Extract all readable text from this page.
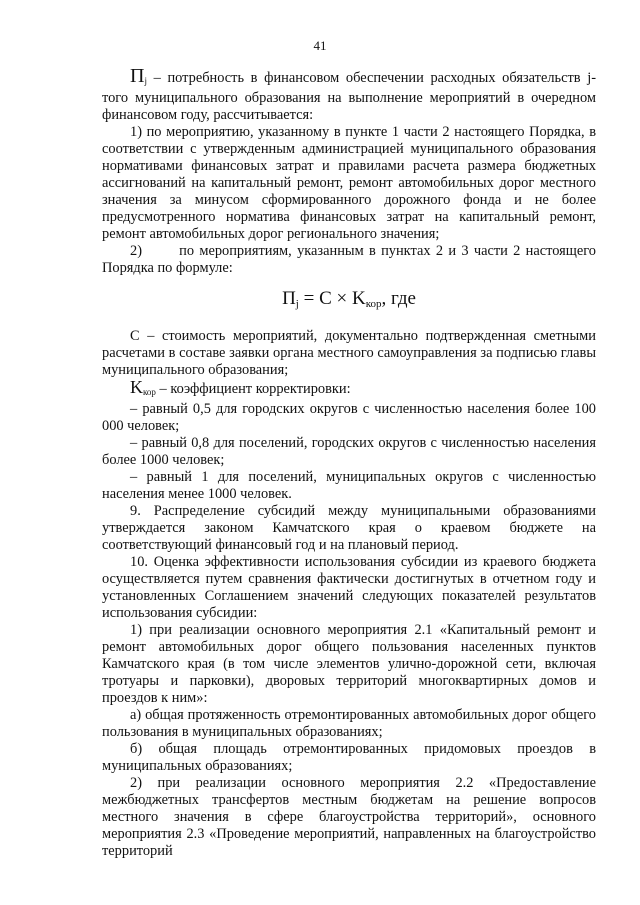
41

$П_j$ – потребность в финансовом обеспечении расходных обязательств j-того муниципального образования на выполнение мероприятий в очередном финансовом году, рассчитывается:

1) по мероприятию, указанному в пункте 1 части 2 настоящего Порядка, в соответствии с утвержденным администрацией муниципального образования нормативами финансовых затрат и правилами расчета размера бюджетных ассигнований на капитальный ремонт, ремонт автомобильных дорог местного значения за минусом сформированного дорожного фонда и не более предусмотренного норматива финансовых затрат на капитальный ремонт, ремонт автомобильных дорог регионального значения;

2)       по мероприятиям, указанным в пунктах 2 и 3 части 2 настоящего Порядка по формуле:

$П_j = C \times K_{кор}$, где

C – стоимость мероприятий, документально подтвержденная сметными расчетами в составе заявки органа местного самоуправления за подписью главы муниципального образования;

$K_{кор}$ – коэффициент корректировки:

– равный 0,5 для городских округов с численностью населения более 100 000 человек;

– равный 0,8 для поселений, городских округов с численностью населения более 1000 человек;

– равный 1 для поселений, муниципальных округов с численностью населения менее 1000 человек.

9. Распределение субсидий между муниципальными образованиями утверждается законом Камчатского края о краевом бюджете на соответствующий финансовый год и на плановый период.

10. Оценка эффективности использования субсидии из краевого бюджета осуществляется путем сравнения фактически достигнутых в отчетном году и установленных Соглашением значений следующих показателей результатов использования субсидии:

1) при реализации основного мероприятия 2.1 «Капитальный ремонт и ремонт автомобильных дорог общего пользования населенных пунктов Камчатского края (в том числе элементов улично-дорожной сети, включая тротуары и парковки), дворовых территорий многоквартирных домов и проездов к ним»:

а) общая протяженность отремонтированных автомобильных дорог общего пользования в муниципальных образованиях;

б) общая площадь отремонтированных придомовых проездов в муниципальных образованиях;

2) при реализации основного мероприятия 2.2 «Предоставление межбюджетных трансфертов местным бюджетам на решение вопросов местного значения в сфере благоустройства территорий», основного мероприятия 2.3 «Проведение мероприятий, направленных на благоустройство территорий
